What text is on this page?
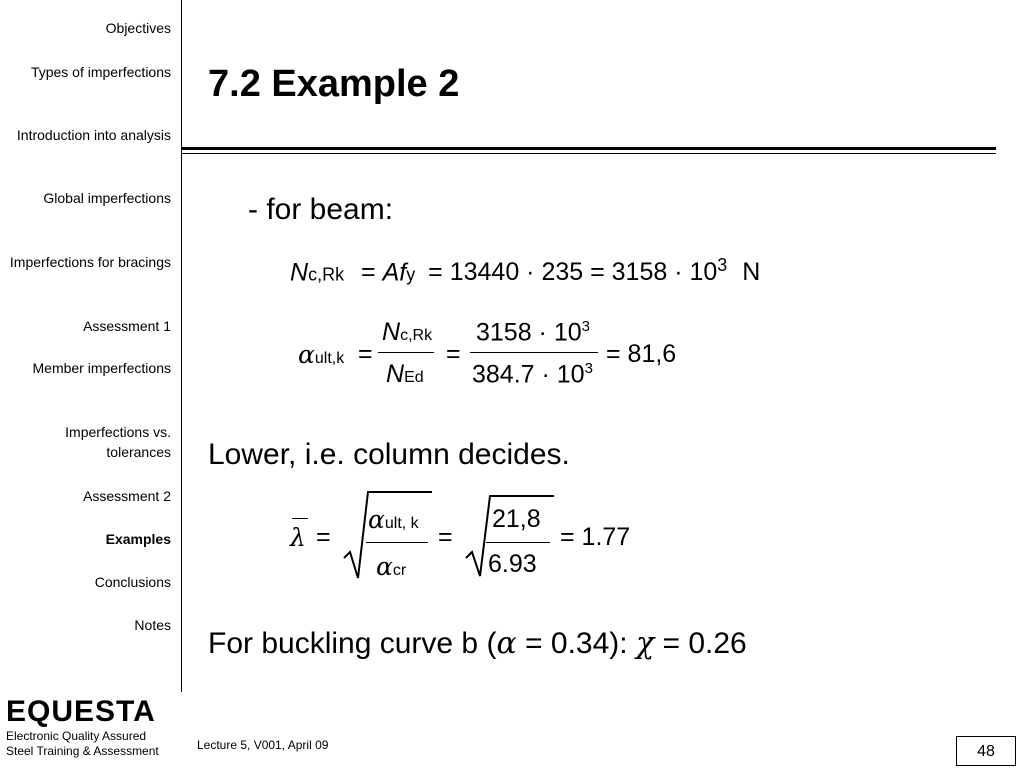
Objectives
Types of imperfections
Introduction into analysis
Global imperfections
Imperfections for bracings
Assessment 1
Member imperfections
Imperfections vs. tolerances
Assessment 2
Examples
Conclusions
Notes
EQUESTA
Electronic Quality Assured
Steel Training & Assessment
7.2 Example 2
- for beam:
Nc,Rk = Afy = $13440 \cdot 235 = 3158 \cdot 10^3$ N
αult,k =
Nc,Rk
NEd
=
$3158 \cdot 10^3$
$384.7 \cdot 10^3$
= 81,6
Lower, i.e. column decides.
λ =
αult, k
αcr
=
21,8
6.93
= 1.77
For buckling curve b (α = 0.34): χ = 0.26
Lecture 5, V001, April 09	48
